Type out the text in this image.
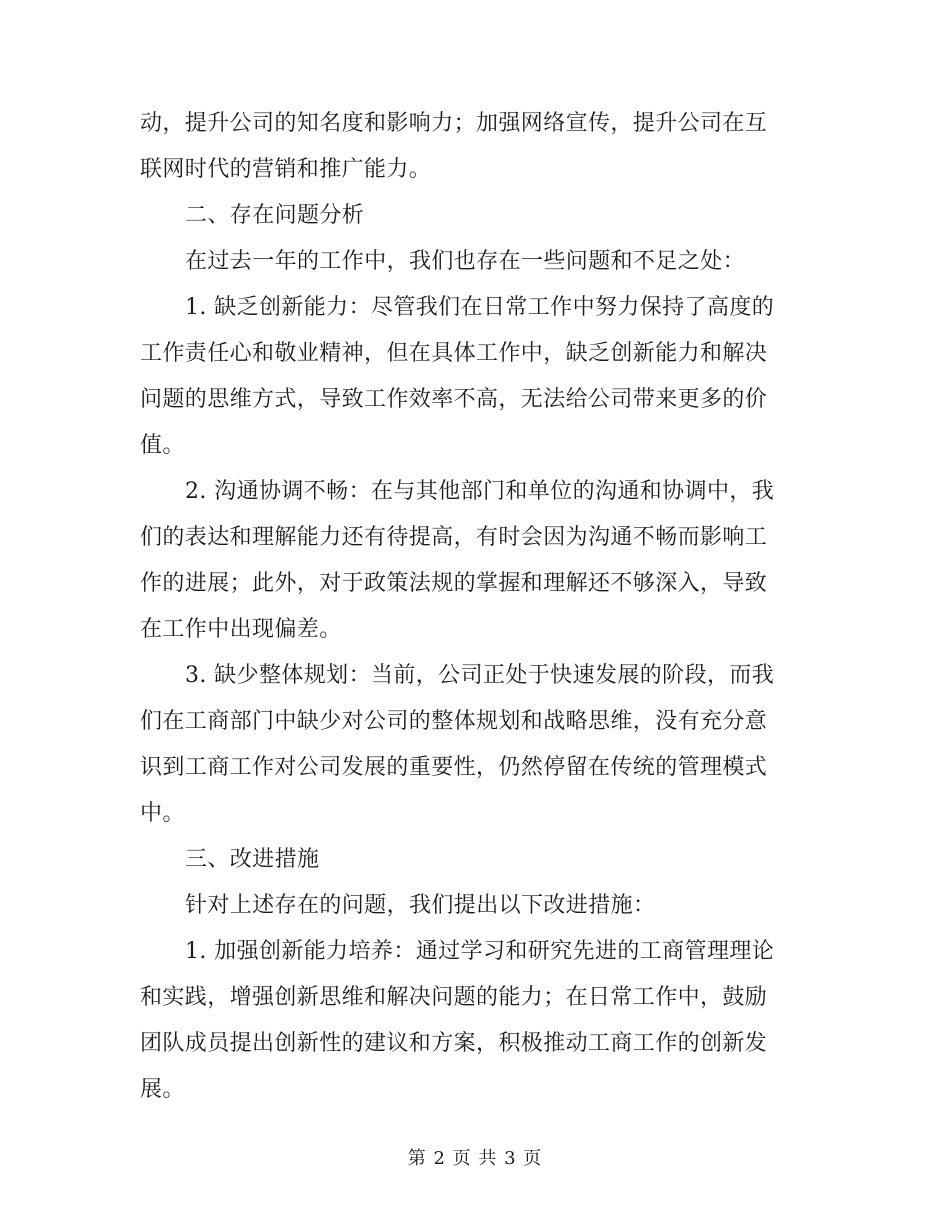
动，提升公司的知名度和影响力；加强网络宣传，提升公司在互
联网时代的营销和推广能力。
二、存在问题分析
在过去一年的工作中，我们也存在一些问题和不足之处：
1. 缺乏创新能力：尽管我们在日常工作中努力保持了高度的
工作责任心和敬业精神，但在具体工作中，缺乏创新能力和解决
问题的思维方式，导致工作效率不高，无法给公司带来更多的价
值。
2. 沟通协调不畅：在与其他部门和单位的沟通和协调中，我
们的表达和理解能力还有待提高，有时会因为沟通不畅而影响工
作的进展；此外，对于政策法规的掌握和理解还不够深入，导致
在工作中出现偏差。
3. 缺少整体规划：当前，公司正处于快速发展的阶段，而我
们在工商部门中缺少对公司的整体规划和战略思维，没有充分意
识到工商工作对公司发展的重要性，仍然停留在传统的管理模式
中。
三、改进措施
针对上述存在的问题，我们提出以下改进措施：
1. 加强创新能力培养：通过学习和研究先进的工商管理理论
和实践，增强创新思维和解决问题的能力；在日常工作中，鼓励
团队成员提出创新性的建议和方案，积极推动工商工作的创新发
展。
第 2 页 共 3 页
